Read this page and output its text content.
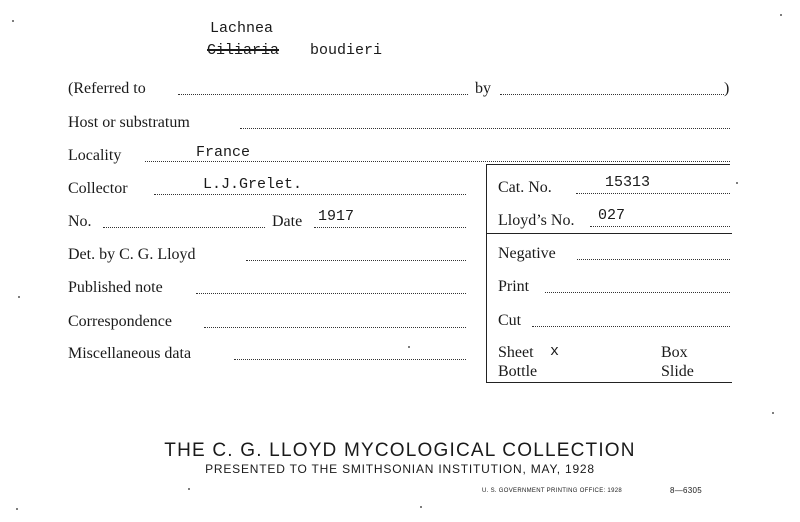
Lachnea
Ciliaria boudieri
(Referred to	by	)
Host or substratum
Locality	France
Collector	L.J.Grelet.	Cat. No.	15313
No.	Date 1917	Lloyd’s No. 027
Det. by C. G. Lloyd	Negative
Published note	Print
Correspondence	Cut
Miscellaneous data	Sheet x	Box
Bottle	Slide
THE C. G. LLOYD MYCOLOGICAL COLLECTION
PRESENTED TO THE SMITHSONIAN INSTITUTION, MAY, 1928
U. S. GOVERNMENT PRINTING OFFICE: 1928	8—6305
